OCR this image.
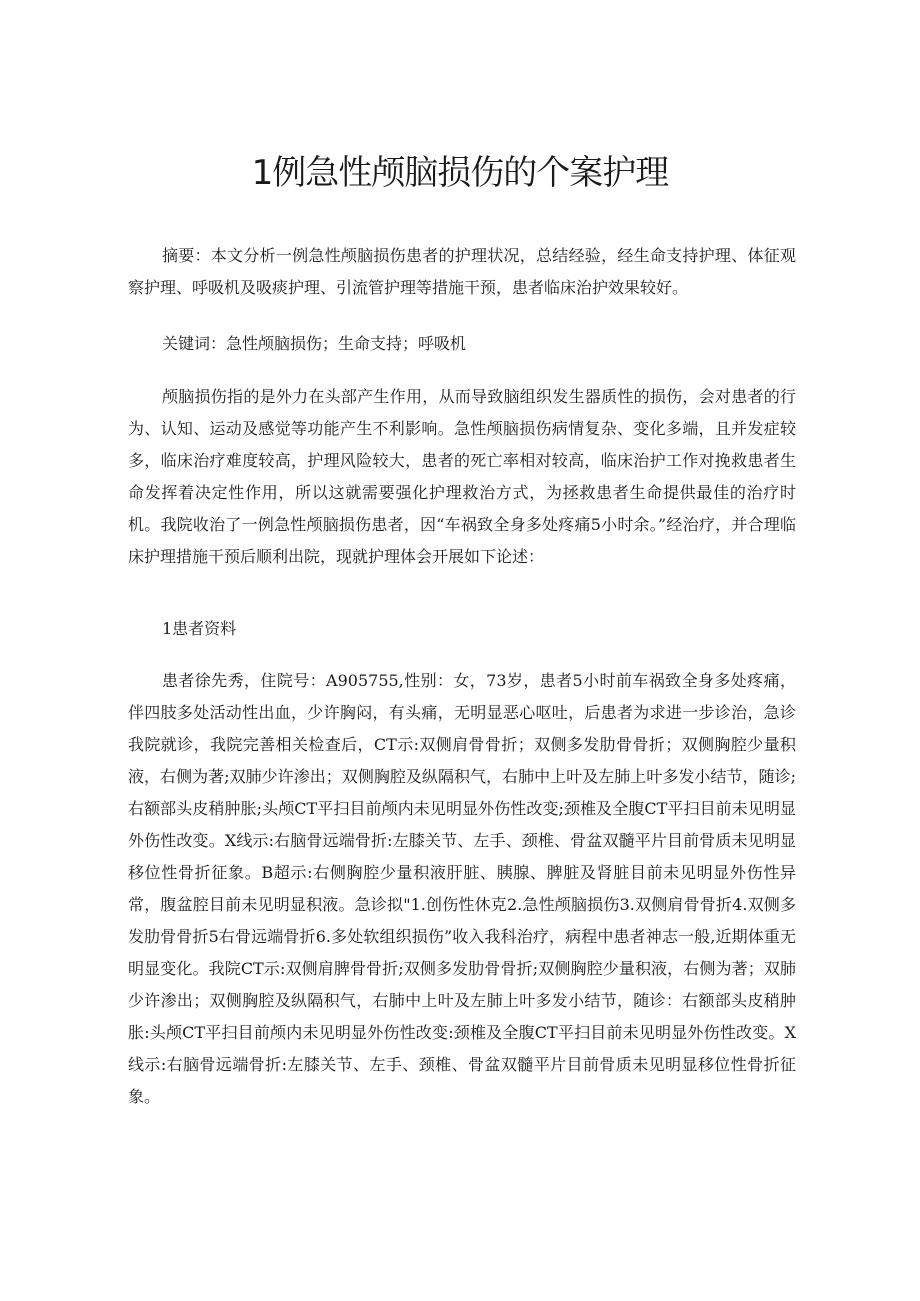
1例急性颅脑损伤的个案护理

摘要：本文分析一例急性颅脑损伤患者的护理状况，总结经验，经生命支持护理、体征观察护理、呼吸机及吸痰护理、引流管护理等措施干预，患者临床治护效果较好。

关键词：急性颅脑损伤；生命支持；呼吸机

颅脑损伤指的是外力在头部产生作用，从而导致脑组织发生器质性的损伤，会对患者的行为、认知、运动及感觉等功能产生不利影响。急性颅脑损伤病情复杂、变化多端，且并发症较多，临床治疗难度较高，护理风险较大，患者的死亡率相对较高，临床治护工作对挽救患者生命发挥着决定性作用，所以这就需要强化护理救治方式，为拯救患者生命提供最佳的治疗时机。我院收治了一例急性颅脑损伤患者，因“车祸致全身多处疼痛5小时余。”经治疗，并合理临床护理措施干预后顺利出院，现就护理体会开展如下论述：

1患者资料

患者徐先秀，住院号：A905755,性别：女，73岁，患者5小时前车祸致全身多处疼痛，伴四肢多处活动性出血，少许胸闷，有头痛，无明显恶心呕吐，后患者为求进一步诊治，急诊我院就诊，我院完善相关检查后，CT示:双侧肩骨骨折；双侧多发肋骨骨折；双侧胸腔少量积液，右侧为著;双肺少许渗出；双侧胸腔及纵隔积气，右肺中上叶及左肺上叶多发小结节，随诊;右额部头皮稍肿胀;头颅CT平扫目前颅内未见明显外伤性改变;颈椎及全腹CT平扫目前未见明显外伤性改变。X线示:右脑骨远端骨折:左膝关节、左手、颈椎、骨盆双髓平片目前骨质未见明显移位性骨折征象。B超示:右侧胸腔少量积液肝脏、胰腺、脾脏及肾脏目前未见明显外伤性异常，腹盆腔目前未见明显积液。急诊拟"1.创伤性休克2.急性颅脑损伤3.双侧肩骨骨折4.双侧多发肋骨骨折5右骨远端骨折6.多处软组织损伤”收入我科治疗，病程中患者神志一般,近期体重无明显变化。我院CT示:双侧肩脾骨骨折;双侧多发肋骨骨折;双侧胸腔少量积液，右侧为著；双肺少许渗出；双侧胸腔及纵隔积气，右肺中上叶及左肺上叶多发小结节，随诊：右额部头皮稍肿胀:头颅CT平扫目前颅内未见明显外伤性改变:颈椎及全腹CT平扫目前未见明显外伤性改变。X线示:右脑骨远端骨折:左膝关节、左手、颈椎、骨盆双髓平片目前骨质未见明显移位性骨折征象。
